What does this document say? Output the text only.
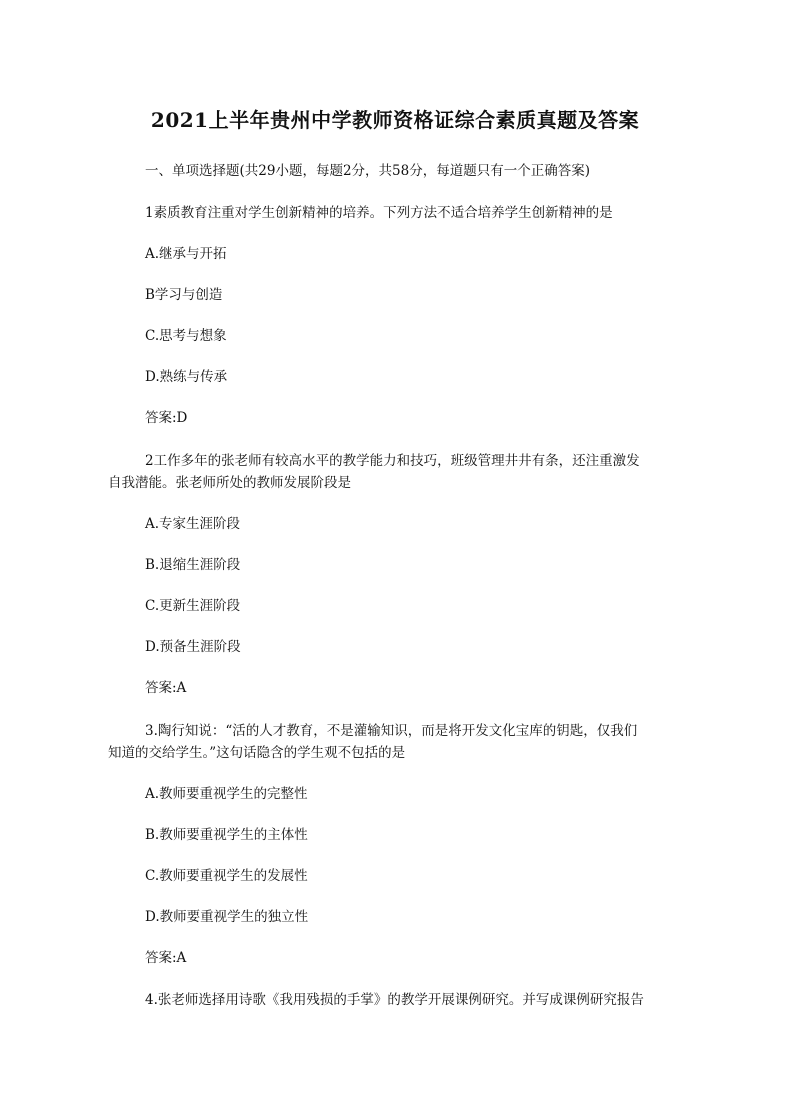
2021上半年贵州中学教师资格证综合素质真题及答案
一、单项选择题(共29小题，每题2分，共58分，每道题只有一个正确答案)
1素质教育注重对学生创新精神的培养。下列方法不适合培养学生创新精神的是
A.继承与开拓
B学习与创造
C.思考与想象
D.熟练与传承
答案:D
2工作多年的张老师有较高水平的教学能力和技巧，班级管理井井有条，还注重激发
自我潜能。张老师所处的教师发展阶段是
A.专家生涯阶段
B.退缩生涯阶段
C.更新生涯阶段
D.预备生涯阶段
答案:A
3.陶行知说：“活的人才教育，不是灌输知识，而是将开发文化宝库的钥匙，仅我们
知道的交给学生。”这句话隐含的学生观不包括的是
A.教师要重视学生的完整性
B.教师要重视学生的主体性
C.教师要重视学生的发展性
D.教师要重视学生的独立性
答案:A
4.张老师选择用诗歌《我用残损的手掌》的教学开展课例研究。并写成课例研究报告
